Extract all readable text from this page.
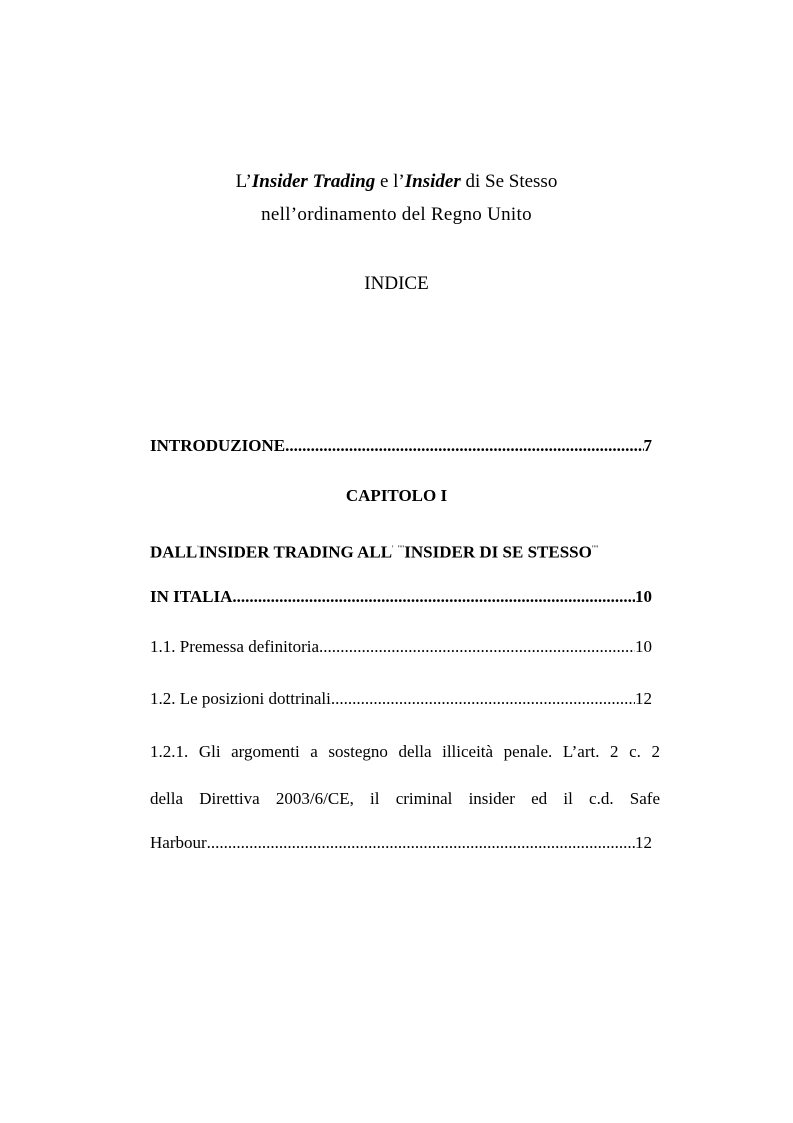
L’Insider Trading e l’Insider di Se Stesso
nell’ordinamento del Regno Unito
INDICE
INTRODUZIONE .....	7
CAPITOLO I
DALL'INSIDER TRADING ALL' ""INSIDER DI SE STESSO""
IN ITALIA .....	10
1.1. Premessa definitoria .....	10
1.2. Le posizioni dottrinali .....	12
1.2.1. Gli argomenti a sostegno della illiceità penale. L’art. 2 c. 2
della Direttiva 2003/6/CE, il criminal insider ed il c.d. Safe
Harbour .....	12
